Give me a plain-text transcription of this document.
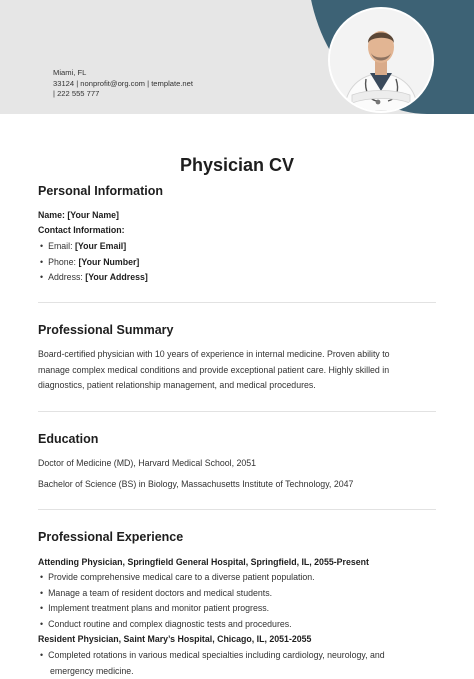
Miami, FL
33124 | nonprofit@org.com | template.net
| 222 555 777
Physician CV
Personal Information
Name: [Your Name]
Contact Information:
• Email: [Your Email]
• Phone: [Your Number]
• Address: [Your Address]
Professional Summary
Board-certified physician with 10 years of experience in internal medicine. Proven ability to
manage complex medical conditions and provide exceptional patient care. Highly skilled in
diagnostics, patient relationship management, and medical procedures.
Education
Doctor of Medicine (MD), Harvard Medical School, 2051
Bachelor of Science (BS) in Biology, Massachusetts Institute of Technology, 2047
Professional Experience
Attending Physician, Springfield General Hospital, Springfield, IL, 2055-Present
• Provide comprehensive medical care to a diverse patient population.
• Manage a team of resident doctors and medical students.
• Implement treatment plans and monitor patient progress.
• Conduct routine and complex diagnostic tests and procedures.
Resident Physician, Saint Mary’s Hospital, Chicago, IL, 2051-2055
• Completed rotations in various medical specialties including cardiology, neurology, and
emergency medicine.
